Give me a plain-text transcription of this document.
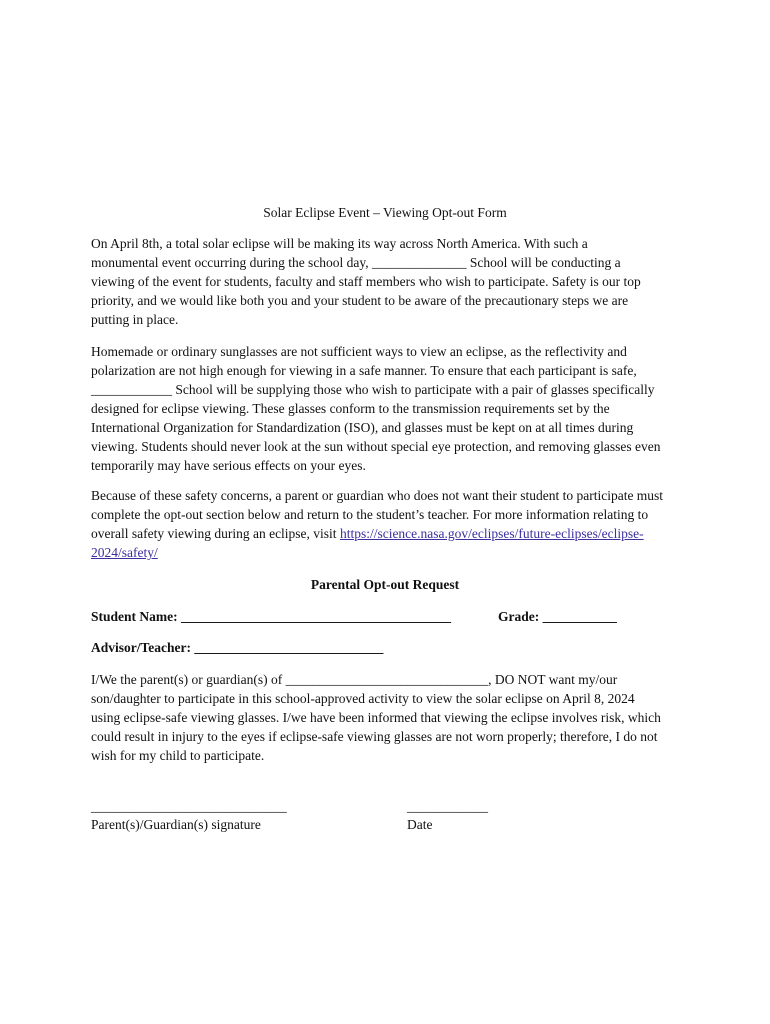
Solar Eclipse Event – Viewing Opt-out Form

On April 8th, a total solar eclipse will be making its way across North America. With such a
monumental event occurring during the school day, ______________ School will be conducting a
viewing of the event for students, faculty and staff members who wish to participate. Safety is our top
priority, and we would like both you and your student to be aware of the precautionary steps we are
putting in place.

Homemade or ordinary sunglasses are not sufficient ways to view an eclipse, as the reflectivity and
polarization are not high enough for viewing in a safe manner. To ensure that each participant is safe,
____________ School will be supplying those who wish to participate with a pair of glasses specifically
designed for eclipse viewing. These glasses conform to the transmission requirements set by the
International Organization for Standardization (ISO), and glasses must be kept on at all times during
viewing. Students should never look at the sun without special eye protection, and removing glasses even
temporarily may have serious effects on your eyes.

Because of these safety concerns, a parent or guardian who does not want their student to participate must
complete the opt-out section below and return to the student’s teacher. For more information relating to
overall safety viewing during an eclipse, visit https://science.nasa.gov/eclipses/future-eclipses/eclipse-
2024/safety/

Parental Opt-out Request
Student Name: ________________________________________	Grade: ___________
Advisor/Teacher: ____________________________

I/We the parent(s) or guardian(s) of ______________________________, DO NOT want my/our
son/daughter to participate in this school-approved activity to view the solar eclipse on April 8, 2024
using eclipse-safe viewing glasses. I/we have been informed that viewing the eclipse involves risk, which
could result in injury to the eyes if eclipse-safe viewing glasses are not worn properly; therefore, I do not
wish for my child to participate.

_____________________________
Parent(s)/Guardian(s) signature
____________
Date
